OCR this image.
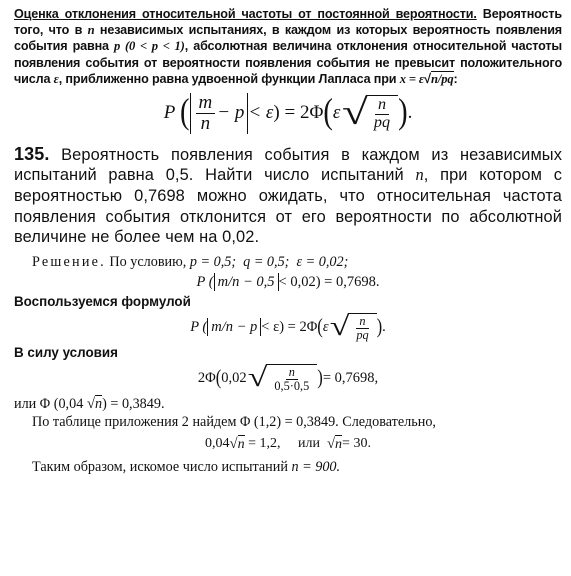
Оценка отклонения относительной частоты от постоянной вероятности. Вероятность того, что в n независимых испытаниях, в каждом из которых вероятность появления события равна p (0 < p < 1), абсолютная величина отклонения относительной частоты появления события от вероятности появления события не превысит положительного числа ε, приближенно равна удвоенной функции Лапласа при x = ε√n/pq:
P
( $\frac{m}{n} - p < \varepsilon$ ) = 2Φ ( ε
√ $\frac{n}{pq}$ ) .
135. Вероятность появления события в каждом из независимых испытаний равна 0,5. Найти число испытаний n, при котором с вероятностью 0,7698 можно ожидать, что относительная частота появления события отклонится от его вероятности по абсолютной величине не более чем на 0,02.
Решение. По условию, p = 0,5; q = 0,5; ε = 0,02;
P ( m/n − 0,5 < 0,02) = 0,7698.
Воспользуемся формулой
P ( m/n − p < ε) = 2Φ ( ε
√ $\frac{n}{pq}$ ) .
В силу условия
2Φ ( 0,02
√ $\frac{n}{0,5\cdot 0,5}$ ) = 0,7698,
или Φ (0,04 √n) = 0,3849.
По таблице приложения 2 найдем Φ (1,2) = 0,3849. Следовательно,
0,04 √ n = 1,2,     или √ n = 30.
Таким образом, искомое число испытаний n = 900.
